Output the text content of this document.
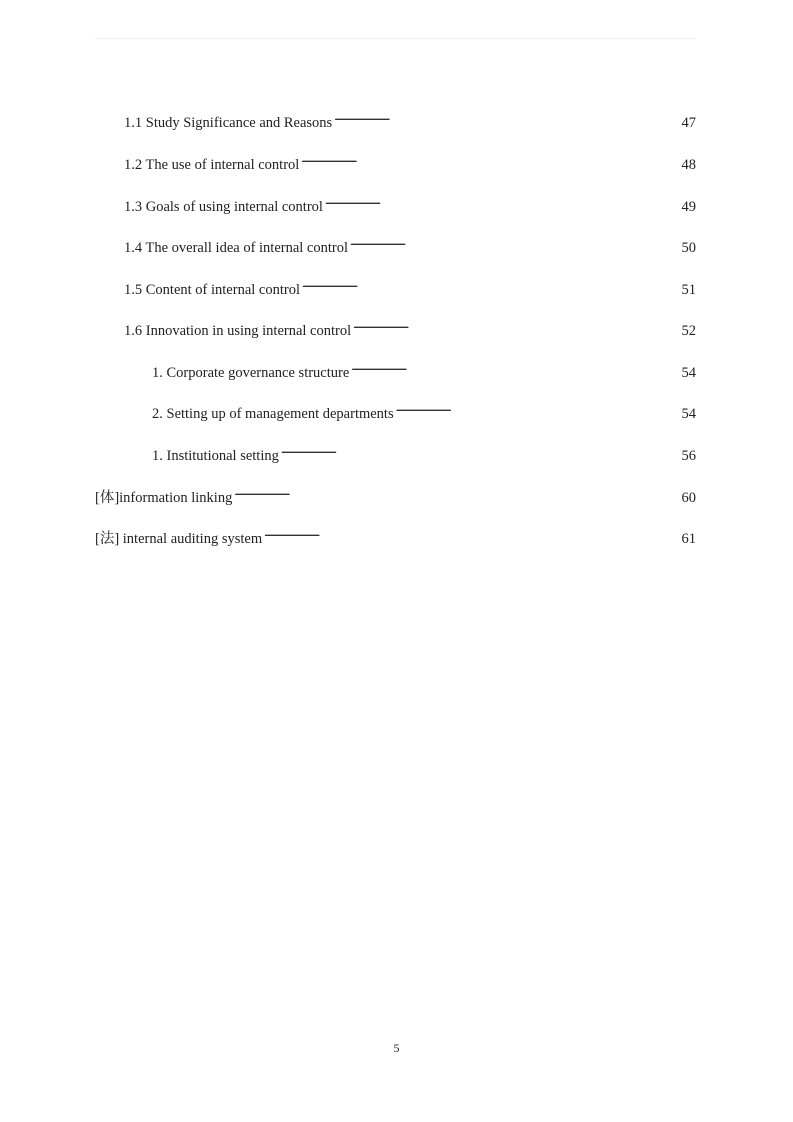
1.1 Study Significance and Reasons . . .	47
1.2 The use of internal control . . .	48
1.3 Goals of using internal control . . .	49
1.4 The overall idea of internal control . . .	50
1.5 Content of internal control . . .	51
1.6 Innovation in using internal control . . .	52
1. Corporate governance structure . . .	54
2. Setting up of management departments . . .	54
1. Institutional setting . . .	56
[体]information linking . . .	60
[法] internal auditing system . . .	61
5
